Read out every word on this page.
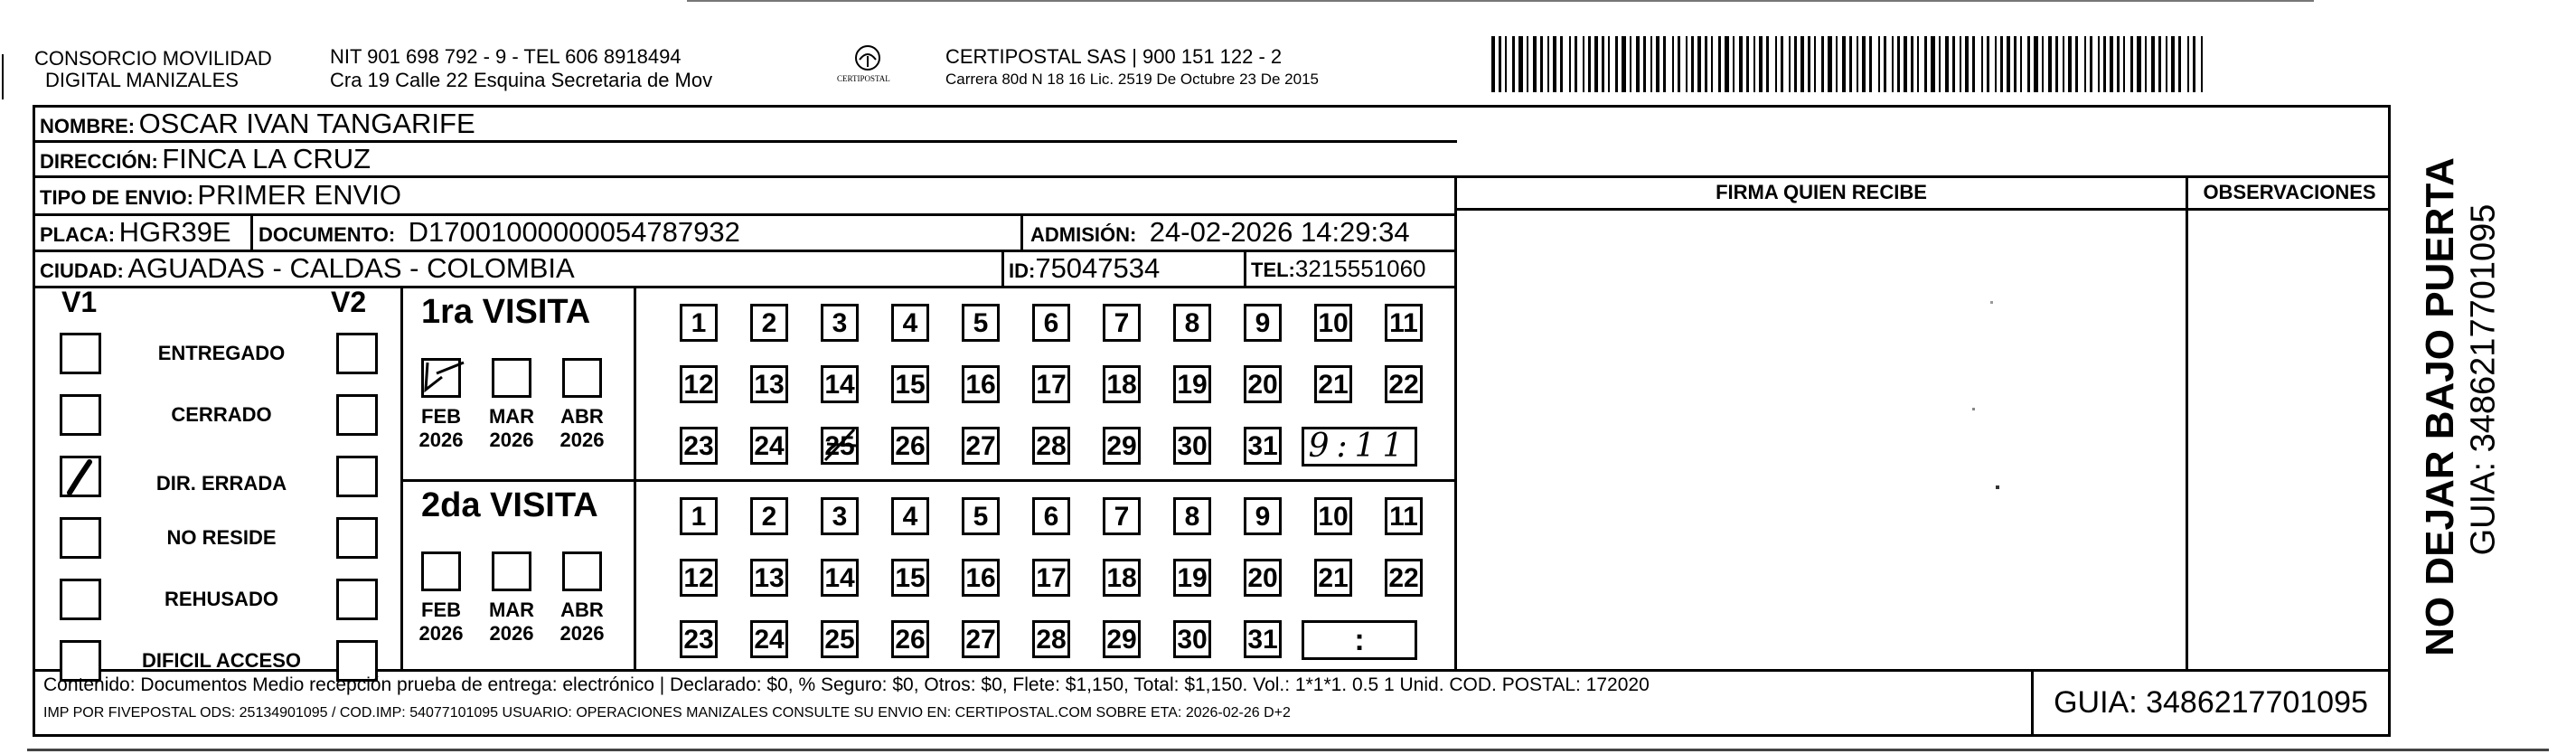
CONSORCIO MOVILIDAD
DIGITAL MANIZALES
NIT 901 698 792 - 9 - TEL 606 8918494
Cra 19 Calle 22 Esquina Secretaria de Mov	CERTIPOSTAL
CERTIPOSTAL SAS | 900 151 122 - 2
Carrera 80d N 18 16 Lic. 2519 De Octubre 23 De 2015
NOMBRE: OSCAR IVAN TANGARIFE
DIRECCIÓN: FINCA LA CRUZ
TIPO DE ENVIO: PRIMER ENVIO	FIRMA QUIEN RECIBE	OBSERVACIONES
PLACA: HGR39E DOCUMENTO: D17001000000054787932	ADMISIÓN: 24-02-2026 14:29:34
CIUDAD: AGUADAS - CALDAS - COLOMBIA	ID:75047534	TEL:3215551060
V1	V2
ENTREGADO
CERRADO
DIR. ERRADA
NO RESIDE
REHUSADO
DIFICIL ACCESO
1ra VISITA
FEB
2026
MAR
2026
ABR
2026
1	2	3	4	5	6	7	8	9	10 11
12 13 14 15 16 17 18 19 20 21 22
23 24 25 26 27 28 29 30 31 9:11
2da VISITA
FEB
2026
MAR
2026
ABR
2026
1	2	3	4	5	6	7	8	9	10 11
12 13 14 15 16 17 18 19 20 21 22
23 24 25 26 27 28 29 30 31	:
Contenido: Documentos Medio recepción prueba de entrega: electrónico | Declarado: $0, % Seguro: $0, Otros: $0, Flete: $1,150, Total: $1,150. Vol.: 1*1*1. 0.5 1 Unid. COD. POSTAL: 172020
IMP POR FIVEPOSTAL ODS: 25134901095 / COD.IMP: 54077101095 USUARIO: OPERACIONES MANIZALES CONSULTE SU ENVIO EN: CERTIPOSTAL.COM SOBRE ETA: 2026-02-26 D+2	GUIA: 3486217701095
NO DEJAR BAJO PUERTA GUIA: 3486217701095
